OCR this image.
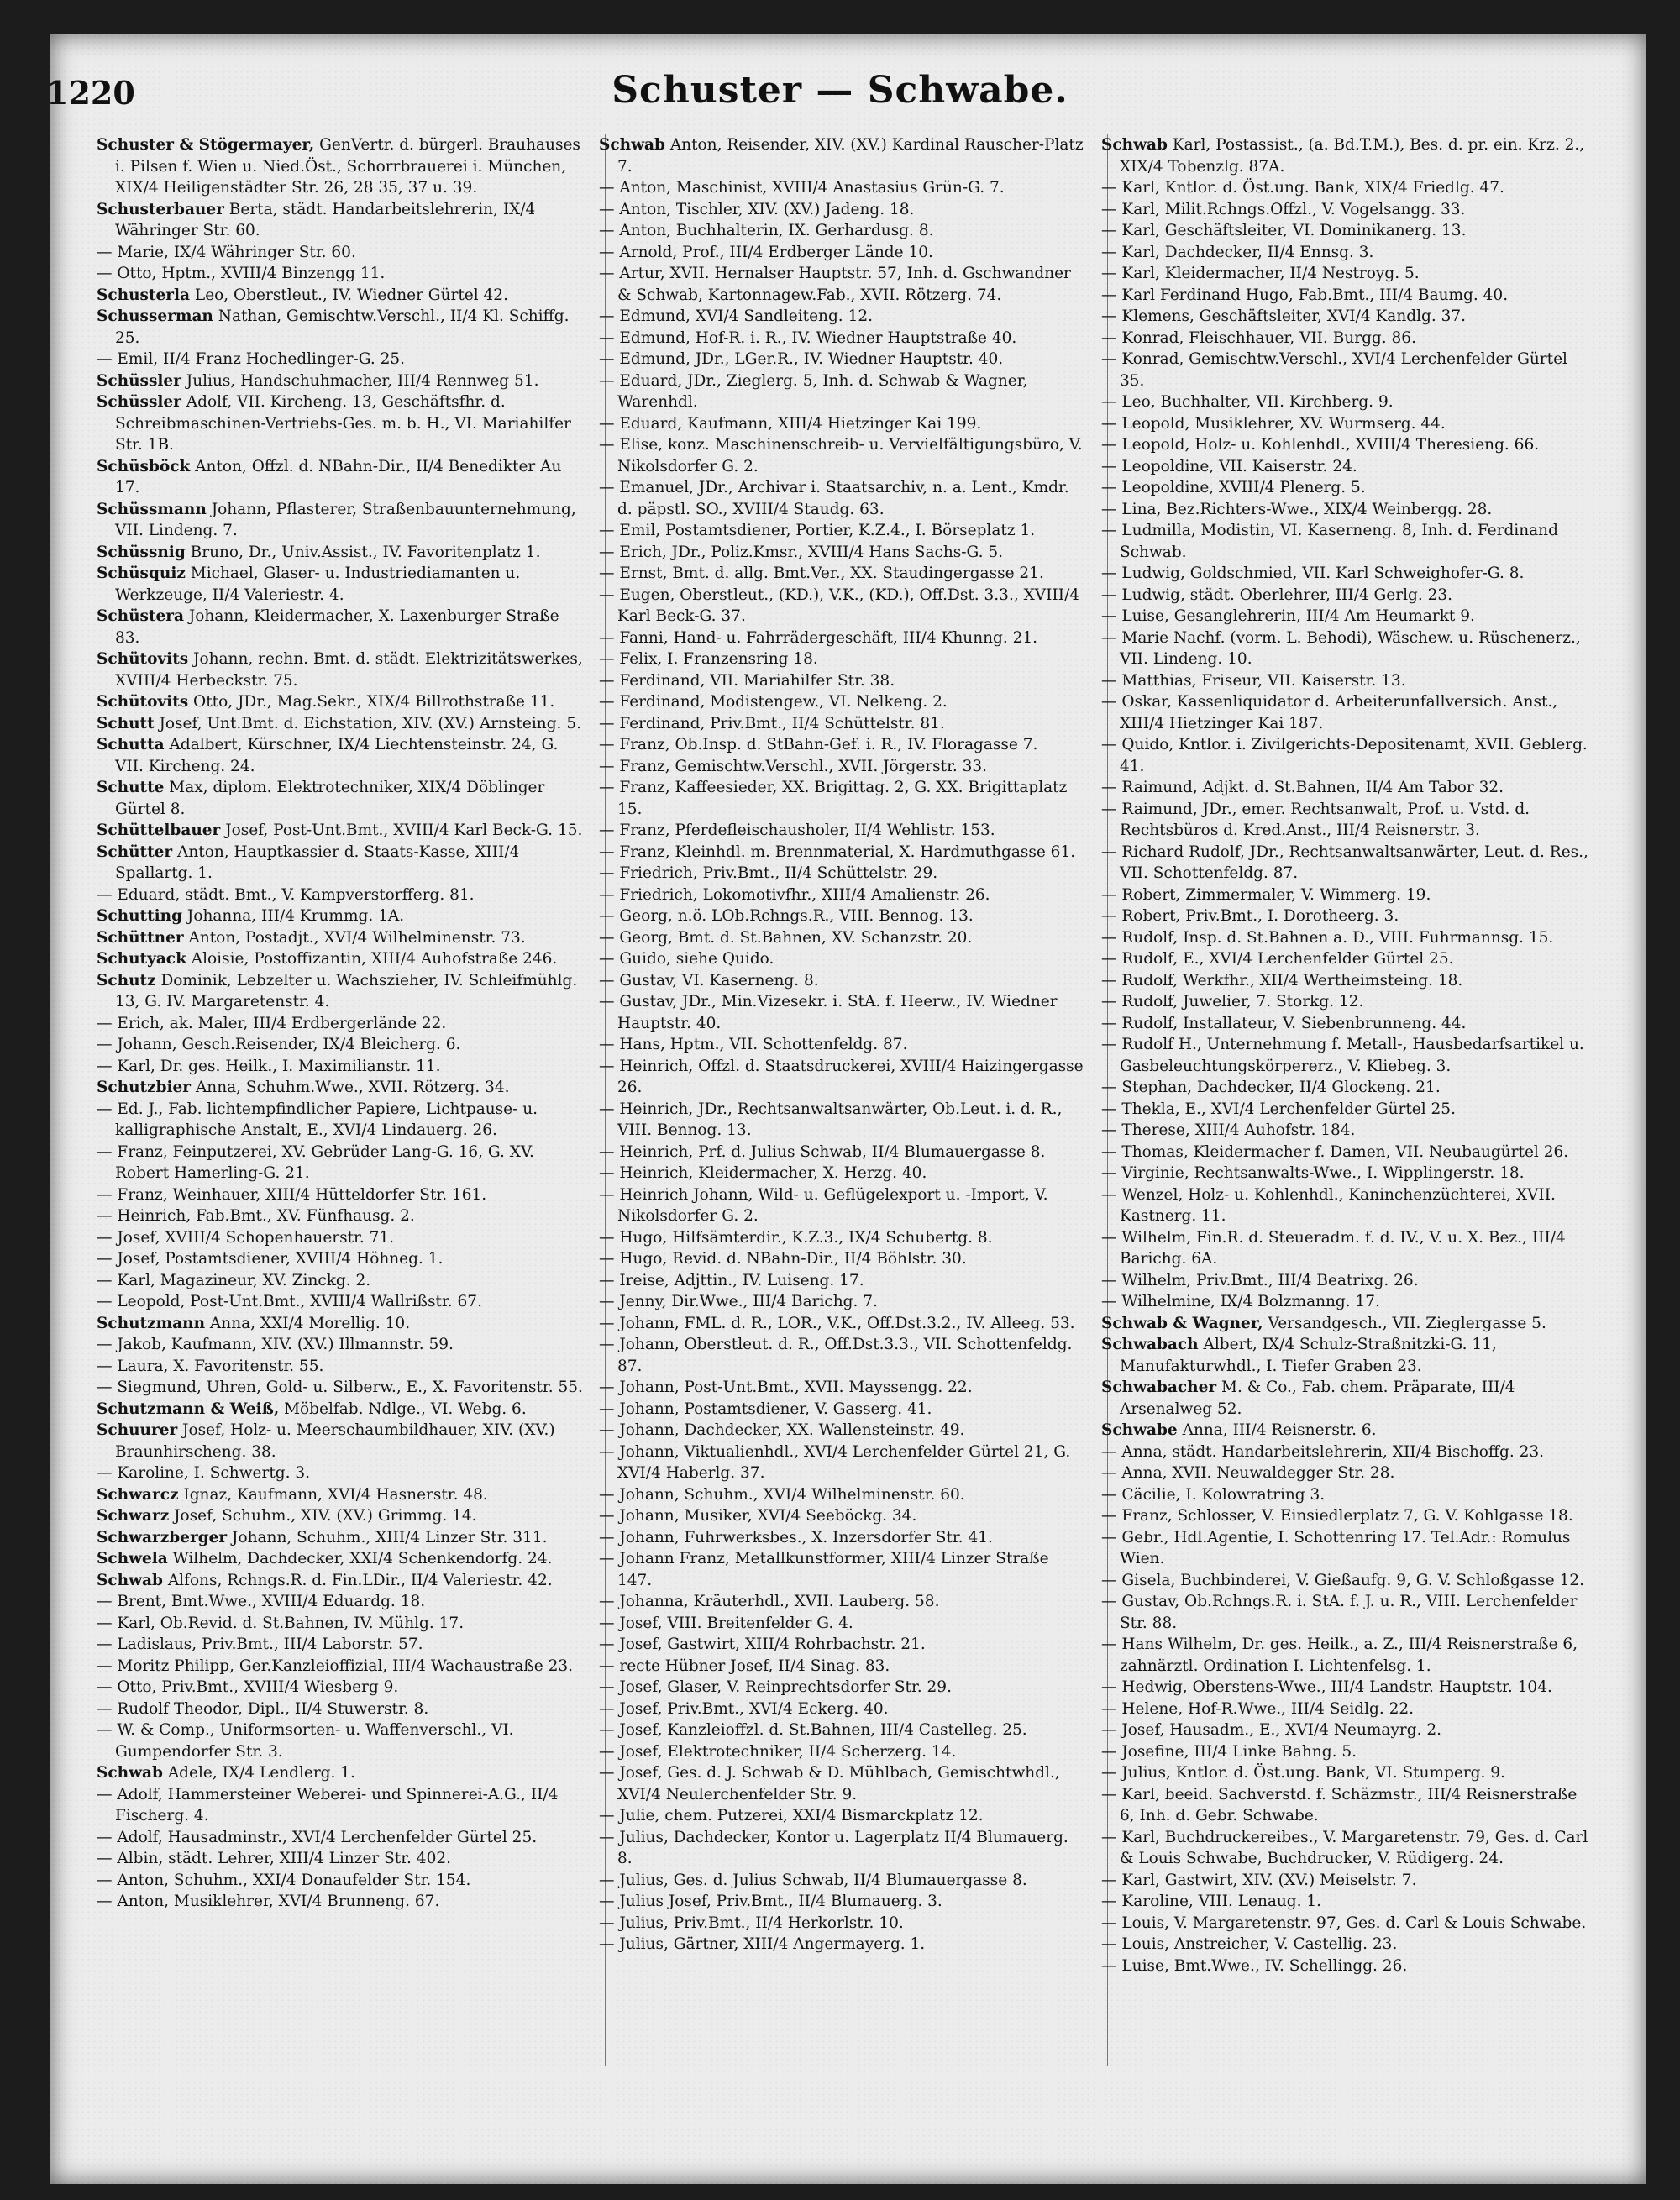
1220	Schuster — Schwabe.

Schuster & Stögermayer, GenVertr. d. bürgerl. Brauhauses i. Pilsen f. Wien u. Nied.Öst., Schorrbrauerei i. München, XIX/4 Heiligenstädter Str. 26, 28 35, 37 u. 39.

Schusterbauer Berta, städt. Handarbeitslehrerin, IX/4 Währinger Str. 60.

— Marie, IX/4 Währinger Str. 60.

— Otto, Hptm., XVIII/4 Binzengg 11.

Schusterla Leo, Oberstleut., IV. Wiedner Gürtel 42.

Schusserman Nathan, Gemischtw.Verschl., II/4 Kl. Schiffg. 25.

— Emil, II/4 Franz Hochedlinger-G. 25.

Schüssler Julius, Handschuhmacher, III/4 Rennweg 51.

Schüssler Adolf, VII. Kircheng. 13, Geschäftsfhr. d. Schreibmaschinen-Vertriebs-Ges. m. b. H., VI. Mariahilfer Str. 1B.

Schüsböck Anton, Offzl. d. NBahn-Dir., II/4 Benedikter Au 17.

Schüssmann Johann, Pflasterer, Straßenbauunternehmung, VII. Lindeng. 7.

Schüssnig Bruno, Dr., Univ.Assist., IV. Favoritenplatz 1.

Schüsquiz Michael, Glaser- u. Industriediamanten u. Werkzeuge, II/4 Valeriestr. 4.

Schüstera Johann, Kleidermacher, X. Laxenburger Straße 83.

Schütovits Johann, rechn. Bmt. d. städt. Elektrizitätswerkes, XVIII/4 Herbeckstr. 75.

Schütovits Otto, JDr., Mag.Sekr., XIX/4 Billrothstraße 11.

Schutt Josef, Unt.Bmt. d. Eichstation, XIV. (XV.) Arnsteing. 5.

Schutta Adalbert, Kürschner, IX/4 Liechtensteinstr. 24, G. VII. Kircheng. 24.

Schutte Max, diplom. Elektrotechniker, XIX/4 Döblinger Gürtel 8.

Schüttelbauer Josef, Post-Unt.Bmt., XVIII/4 Karl Beck-G. 15.

Schütter Anton, Hauptkassier d. Staats-Kasse, XIII/4 Spallartg. 1.

— Eduard, städt. Bmt., V. Kampverstorfferg. 81.

Schutting Johanna, III/4 Krummg. 1A.

Schüttner Anton, Postadjt., XVI/4 Wilhelminenstr. 73.

Schutyack Aloisie, Postoffizantin, XIII/4 Auhofstraße 246.

Schutz Dominik, Lebzelter u. Wachszieher, IV. Schleifmühlg. 13, G. IV. Margaretenstr. 4.

— Erich, ak. Maler, III/4 Erdbergerlände 22.

— Johann, Gesch.Reisender, IX/4 Bleicherg. 6.

— Karl, Dr. ges. Heilk., I. Maximilianstr. 11.

Schutzbier Anna, Schuhm.Wwe., XVII. Rötzerg. 34.

— Ed. J., Fab. lichtempfindlicher Papiere, Lichtpause- u. kalligraphische Anstalt, E., XVI/4 Lindauerg. 26.

— Franz, Feinputzerei, XV. Gebrüder Lang-G. 16, G. XV. Robert Hamerling-G. 21.

— Franz, Weinhauer, XIII/4 Hütteldorfer Str. 161.

— Heinrich, Fab.Bmt., XV. Fünfhausg. 2.

— Josef, XVIII/4 Schopenhauerstr. 71.

— Josef, Postamtsdiener, XVIII/4 Höhneg. 1.

— Karl, Magazineur, XV. Zinckg. 2.

— Leopold, Post-Unt.Bmt., XVIII/4 Wallrißstr. 67.

Schutzmann Anna, XXI/4 Morellig. 10.

— Jakob, Kaufmann, XIV. (XV.) Illmannstr. 59.

— Laura, X. Favoritenstr. 55.

— Siegmund, Uhren, Gold- u. Silberw., E., X. Favoritenstr. 55.

Schutzmann & Weiß, Möbelfab. Ndlge., VI. Webg. 6.

Schuurer Josef, Holz- u. Meerschaumbildhauer, XIV. (XV.) Braunhirscheng. 38.

— Karoline, I. Schwertg. 3.

Schwarcz Ignaz, Kaufmann, XVI/4 Hasnerstr. 48.

Schwarz Josef, Schuhm., XIV. (XV.) Grimmg. 14.

Schwarzberger Johann, Schuhm., XIII/4 Linzer Str. 311.

Schwela Wilhelm, Dachdecker, XXI/4 Schenkendorfg. 24.

Schwab Alfons, Rchngs.R. d. Fin.LDir., II/4 Valeriestr. 42.

— Brent, Bmt.Wwe., XVIII/4 Eduardg. 18.

— Karl, Ob.Revid. d. St.Bahnen, IV. Mühlg. 17.

— Ladislaus, Priv.Bmt., III/4 Laborstr. 57.

— Moritz Philipp, Ger.Kanzleioffizial, III/4 Wachaustraße 23.

— Otto, Priv.Bmt., XVIII/4 Wiesberg 9.

— Rudolf Theodor, Dipl., II/4 Stuwerstr. 8.

— W. & Comp., Uniformsorten- u. Waffenverschl., VI. Gumpendorfer Str. 3.

Schwab Adele, IX/4 Lendlerg. 1.

— Adolf, Hammersteiner Weberei- und Spinnerei-A.G., II/4 Fischerg. 4.

— Adolf, Hausadminstr., XVI/4 Lerchenfelder Gürtel 25.

— Albin, städt. Lehrer, XIII/4 Linzer Str. 402.

— Anton, Schuhm., XXI/4 Donaufelder Str. 154.

— Anton, Musiklehrer, XVI/4 Brunneng. 67.

Schwab Anton, Reisender, XIV. (XV.) Kardinal Rauscher-Platz 7.

— Anton, Maschinist, XVIII/4 Anastasius Grün-G. 7.

— Anton, Tischler, XIV. (XV.) Jadeng. 18.

— Anton, Buchhalterin, IX. Gerhardusg. 8.

— Arnold, Prof., III/4 Erdberger Lände 10.

— Artur, XVII. Hernalser Hauptstr. 57, Inh. d. Gschwandner & Schwab, Kartonnagew.Fab., XVII. Rötzerg. 74.

— Edmund, XVI/4 Sandleiteng. 12.

— Edmund, Hof-R. i. R., IV. Wiedner Hauptstraße 40.

— Edmund, JDr., LGer.R., IV. Wiedner Hauptstr. 40.

— Eduard, JDr., Zieglerg. 5, Inh. d. Schwab & Wagner, Warenhdl.

— Eduard, Kaufmann, XIII/4 Hietzinger Kai 199.

— Elise, konz. Maschinenschreib- u. Vervielfältigungsbüro, V. Nikolsdorfer G. 2.

— Emanuel, JDr., Archivar i. Staatsarchiv, n. a. Lent., Kmdr. d. päpstl. SO., XVIII/4 Staudg. 63.

— Emil, Postamtsdiener, Portier, K.Z.4., I. Börseplatz 1.

— Erich, JDr., Poliz.Kmsr., XVIII/4 Hans Sachs-G. 5.

— Ernst, Bmt. d. allg. Bmt.Ver., XX. Staudingergasse 21.

— Eugen, Oberstleut., (KD.), V.K., (KD.), Off.Dst. 3.3., XVIII/4 Karl Beck-G. 37.

— Fanni, Hand- u. Fahrrädergeschäft, III/4 Khunng. 21.

— Felix, I. Franzensring 18.

— Ferdinand, VII. Mariahilfer Str. 38.

— Ferdinand, Modistengew., VI. Nelkeng. 2.

— Ferdinand, Priv.Bmt., II/4 Schüttelstr. 81.

— Franz, Ob.Insp. d. StBahn-Gef. i. R., IV. Floragasse 7.

— Franz, Gemischtw.Verschl., XVII. Jörgerstr. 33.

— Franz, Kaffeesieder, XX. Brigittag. 2, G. XX. Brigittaplatz 15.

— Franz, Pferdefleischausholer, II/4 Wehlistr. 153.

— Franz, Kleinhdl. m. Brennmaterial, X. Hardmuthgasse 61.

— Friedrich, Priv.Bmt., II/4 Schüttelstr. 29.

— Friedrich, Lokomotivfhr., XIII/4 Amalienstr. 26.

— Georg, n.ö. LOb.Rchngs.R., VIII. Bennog. 13.

— Georg, Bmt. d. St.Bahnen, XV. Schanzstr. 20.

— Guido, siehe Quido.

— Gustav, VI. Kaserneng. 8.

— Gustav, JDr., Min.Vizesekr. i. StA. f. Heerw., IV. Wiedner Hauptstr. 40.

— Hans, Hptm., VII. Schottenfeldg. 87.

— Heinrich, Offzl. d. Staatsdruckerei, XVIII/4 Haizingergasse 26.

— Heinrich, JDr., Rechtsanwaltsanwärter, Ob.Leut. i. d. R., VIII. Bennog. 13.

— Heinrich, Prf. d. Julius Schwab, II/4 Blumauergasse 8.

— Heinrich, Kleidermacher, X. Herzg. 40.

— Heinrich Johann, Wild- u. Geflügelexport u. -Import, V. Nikolsdorfer G. 2.

— Hugo, Hilfsämterdir., K.Z.3., IX/4 Schubertg. 8.

— Hugo, Revid. d. NBahn-Dir., II/4 Böhlstr. 30.

— Ireise, Adjttin., IV. Luiseng. 17.

— Jenny, Dir.Wwe., III/4 Barichg. 7.

— Johann, FML. d. R., LOR., V.K., Off.Dst.3.2., IV. Alleeg. 53.

— Johann, Oberstleut. d. R., Off.Dst.3.3., VII. Schottenfeldg. 87.

— Johann, Post-Unt.Bmt., XVII. Mayssengg. 22.

— Johann, Postamtsdiener, V. Gasserg. 41.

— Johann, Dachdecker, XX. Wallensteinstr. 49.

— Johann, Viktualienhdl., XVI/4 Lerchenfelder Gürtel 21, G. XVI/4 Haberlg. 37.

— Johann, Schuhm., XVI/4 Wilhelminenstr. 60.

— Johann, Musiker, XVI/4 Seeböckg. 34.

— Johann, Fuhrwerksbes., X. Inzersdorfer Str. 41.

— Johann Franz, Metallkunstformer, XIII/4 Linzer Straße 147.

— Johanna, Kräuterhdl., XVII. Lauberg. 58.

— Josef, VIII. Breitenfelder G. 4.

— Josef, Gastwirt, XIII/4 Rohrbachstr. 21.

— recte Hübner Josef, II/4 Sinag. 83.

— Josef, Glaser, V. Reinprechtsdorfer Str. 29.

— Josef, Priv.Bmt., XVI/4 Eckerg. 40.

— Josef, Kanzleioffzl. d. St.Bahnen, III/4 Castelleg. 25.

— Josef, Elektrotechniker, II/4 Scherzerg. 14.

— Josef, Ges. d. J. Schwab & D. Mühlbach, Gemischtwhdl., XVI/4 Neulerchenfelder Str. 9.

— Julie, chem. Putzerei, XXI/4 Bismarckplatz 12.

— Julius, Dachdecker, Kontor u. Lagerplatz II/4 Blumauerg. 8.

— Julius, Ges. d. Julius Schwab, II/4 Blumauergasse 8.

— Julius Josef, Priv.Bmt., II/4 Blumauerg. 3.

— Julius, Priv.Bmt., II/4 Herkorlstr. 10.

— Julius, Gärtner, XIII/4 Angermayerg. 1.

Schwab Karl, Postassist., (a. Bd.T.M.), Bes. d. pr. ein. Krz. 2., XIX/4 Tobenzlg. 87A.

— Karl, Kntlor. d. Öst.ung. Bank, XIX/4 Friedlg. 47.

— Karl, Milit.Rchngs.Offzl., V. Vogelsangg. 33.

— Karl, Geschäftsleiter, VI. Dominikanerg. 13.

— Karl, Dachdecker, II/4 Ennsg. 3.

— Karl, Kleidermacher, II/4 Nestroyg. 5.

— Karl Ferdinand Hugo, Fab.Bmt., III/4 Baumg. 40.

— Klemens, Geschäftsleiter, XVI/4 Kandlg. 37.

— Konrad, Fleischhauer, VII. Burgg. 86.

— Konrad, Gemischtw.Verschl., XVI/4 Lerchenfelder Gürtel 35.

— Leo, Buchhalter, VII. Kirchberg. 9.

— Leopold, Musiklehrer, XV. Wurmserg. 44.

— Leopold, Holz- u. Kohlenhdl., XVIII/4 Theresieng. 66.

— Leopoldine, VII. Kaiserstr. 24.

— Leopoldine, XVIII/4 Plenerg. 5.

— Lina, Bez.Richters-Wwe., XIX/4 Weinbergg. 28.

— Ludmilla, Modistin, VI. Kaserneng. 8, Inh. d. Ferdinand Schwab.

— Ludwig, Goldschmied, VII. Karl Schweighofer-G. 8.

— Ludwig, städt. Oberlehrer, III/4 Gerlg. 23.

— Luise, Gesanglehrerin, III/4 Am Heumarkt 9.

— Marie Nachf. (vorm. L. Behodi), Wäschew. u. Rüschenerz., VII. Lindeng. 10.

— Matthias, Friseur, VII. Kaiserstr. 13.

— Oskar, Kassenliquidator d. Arbeiterunfallversich. Anst., XIII/4 Hietzinger Kai 187.

— Quido, Kntlor. i. Zivilgerichts-Depositenamt, XVII. Geblerg. 41.

— Raimund, Adjkt. d. St.Bahnen, II/4 Am Tabor 32.

— Raimund, JDr., emer. Rechtsanwalt, Prof. u. Vstd. d. Rechtsbüros d. Kred.Anst., III/4 Reisnerstr. 3.

— Richard Rudolf, JDr., Rechtsanwaltsanwärter, Leut. d. Res., VII. Schottenfeldg. 87.

— Robert, Zimmermaler, V. Wimmerg. 19.

— Robert, Priv.Bmt., I. Dorotheerg. 3.

— Rudolf, Insp. d. St.Bahnen a. D., VIII. Fuhrmannsg. 15.

— Rudolf, E., XVI/4 Lerchenfelder Gürtel 25.

— Rudolf, Werkfhr., XII/4 Wertheimsteing. 18.

— Rudolf, Juwelier, 7. Storkg. 12.

— Rudolf, Installateur, V. Siebenbrunneng. 44.

— Rudolf H., Unternehmung f. Metall-, Hausbedarfsartikel u. Gasbeleuchtungskörpererz., V. Kliebeg. 3.

— Stephan, Dachdecker, II/4 Glockeng. 21.

— Thekla, E., XVI/4 Lerchenfelder Gürtel 25.

— Therese, XIII/4 Auhofstr. 184.

— Thomas, Kleidermacher f. Damen, VII. Neubaugürtel 26.

— Virginie, Rechtsanwalts-Wwe., I. Wipplingerstr. 18.

— Wenzel, Holz- u. Kohlenhdl., Kaninchenzüchterei, XVII. Kastnerg. 11.

— Wilhelm, Fin.R. d. Steueradm. f. d. IV., V. u. X. Bez., III/4 Barichg. 6A.

— Wilhelm, Priv.Bmt., III/4 Beatrixg. 26.

— Wilhelmine, IX/4 Bolzmanng. 17.

Schwab & Wagner, Versandgesch., VII. Zieglergasse 5.

Schwabach Albert, IX/4 Schulz-Straßnitzki-G. 11, Manufakturwhdl., I. Tiefer Graben 23.

Schwabacher M. & Co., Fab. chem. Präparate, III/4 Arsenalweg 52.

Schwabe Anna, III/4 Reisnerstr. 6.

— Anna, städt. Handarbeitslehrerin, XII/4 Bischoffg. 23.

— Anna, XVII. Neuwaldegger Str. 28.

— Cäcilie, I. Kolowratring 3.

— Franz, Schlosser, V. Einsiedlerplatz 7, G. V. Kohlgasse 18.

— Gebr., Hdl.Agentie, I. Schottenring 17. Tel.Adr.: Romulus Wien.

— Gisela, Buchbinderei, V. Gießaufg. 9, G. V. Schloßgasse 12.

— Gustav, Ob.Rchngs.R. i. StA. f. J. u. R., VIII. Lerchenfelder Str. 88.

— Hans Wilhelm, Dr. ges. Heilk., a. Z., III/4 Reisnerstraße 6, zahnärztl. Ordination I. Lichtenfelsg. 1.

— Hedwig, Oberstens-Wwe., III/4 Landstr. Hauptstr. 104.

— Helene, Hof-R.Wwe., III/4 Seidlg. 22.

— Josef, Hausadm., E., XVI/4 Neumayrg. 2.

— Josefine, III/4 Linke Bahng. 5.

— Julius, Kntlor. d. Öst.ung. Bank, VI. Stumperg. 9.

— Karl, beeid. Sachverstd. f. Schäzmstr., III/4 Reisnerstraße 6, Inh. d. Gebr. Schwabe.

— Karl, Buchdruckereibes., V. Margaretenstr. 79, Ges. d. Carl & Louis Schwabe, Buchdrucker, V. Rüdigerg. 24.

— Karl, Gastwirt, XIV. (XV.) Meiselstr. 7.

— Karoline, VIII. Lenaug. 1.

— Louis, V. Margaretenstr. 97, Ges. d. Carl & Louis Schwabe.

— Louis, Anstreicher, V. Castellig. 23.

— Luise, Bmt.Wwe., IV. Schellingg. 26.
